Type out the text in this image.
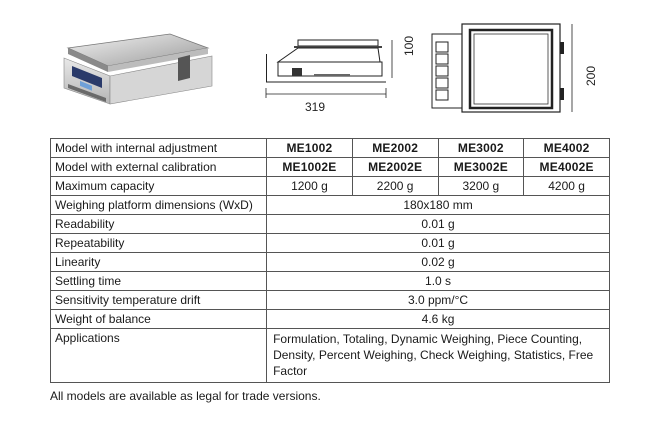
319
100
200
Model with internal adjustment	ME1002	ME2002	ME3002	ME4002
Model with external calibration	ME1002E	ME2002E	ME3002E	ME4002E
Maximum capacity	1200 g	2200 g	3200 g	4200 g
Weighing platform dimensions (WxD)	180x180 mm			
Readability	0.01 g			
Repeatability	0.01 g			
Linearity	0.02 g			
Settling time	1.0 s			
Sensitivity temperature drift	3.0 ppm/°C			
Weight of balance	4.6 kg			
Applications	Formulation, Totaling, Dynamic Weighing, Piece Counting, Density, Percent Weighing, Check Weighing, Statistics, Free Factor			
All models are available as legal for trade versions.
